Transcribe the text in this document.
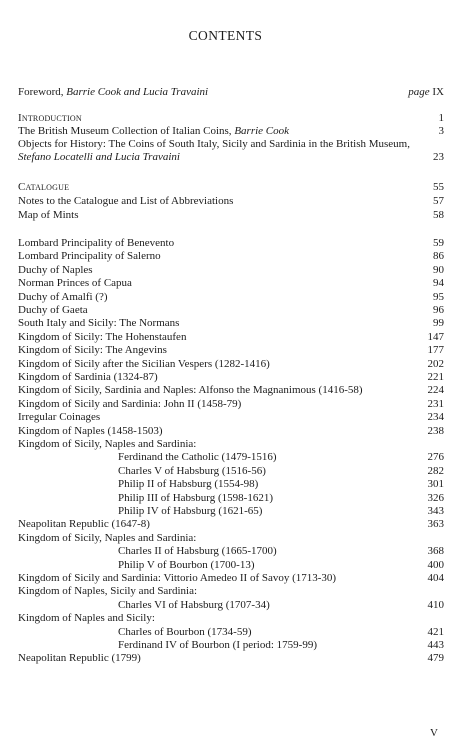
CONTENTS
Foreword, Barrie Cook and Lucia Travaini	page IX
Introduction	1
The British Museum Collection of Italian Coins, Barrie Cook	3
Objects for History: The Coins of South Italy, Sicily and Sardinia in the British Museum, Stefano Locatelli and Lucia Travaini	23
Catalogue	55
Notes to the Catalogue and List of Abbreviations	57
Map of Mints	58
Lombard Principality of Benevento	59
Lombard Principality of Salerno	86
Duchy of Naples	90
Norman Princes of Capua	94
Duchy of Amalfi (?)	95
Duchy of Gaeta	96
South Italy and Sicily: The Normans	99
Kingdom of Sicily: The Hohenstaufen	147
Kingdom of Sicily: The Angevins	177
Kingdom of Sicily after the Sicilian Vespers (1282-1416)	202
Kingdom of Sardinia (1324-87)	221
Kingdom of Sicily, Sardinia and Naples: Alfonso the Magnanimous (1416-58)	224
Kingdom of Sicily and Sardinia: John II (1458-79)	231
Irregular Coinages	234
Kingdom of Naples (1458-1503)	238
Kingdom of Sicily, Naples and Sardinia:
Ferdinand the Catholic (1479-1516)	276
Charles V of Habsburg (1516-56)	282
Philip II of Habsburg (1554-98)	301
Philip III of Habsburg (1598-1621)	326
Philip IV of Habsburg (1621-65)	343
Neapolitan Republic (1647-8)	363
Kingdom of Sicily, Naples and Sardinia:
Charles II of Habsburg (1665-1700)	368
Philip V of Bourbon (1700-13)	400
Kingdom of Sicily and Sardinia: Vittorio Amedeo II of Savoy (1713-30)	404
Kingdom of Naples, Sicily and Sardinia:
Charles VI of Habsburg (1707-34)	410
Kingdom of Naples and Sicily:
Charles of Bourbon (1734-59)	421
Ferdinand IV of Bourbon (I period: 1759-99)	443
Neapolitan Republic (1799)	479
V
